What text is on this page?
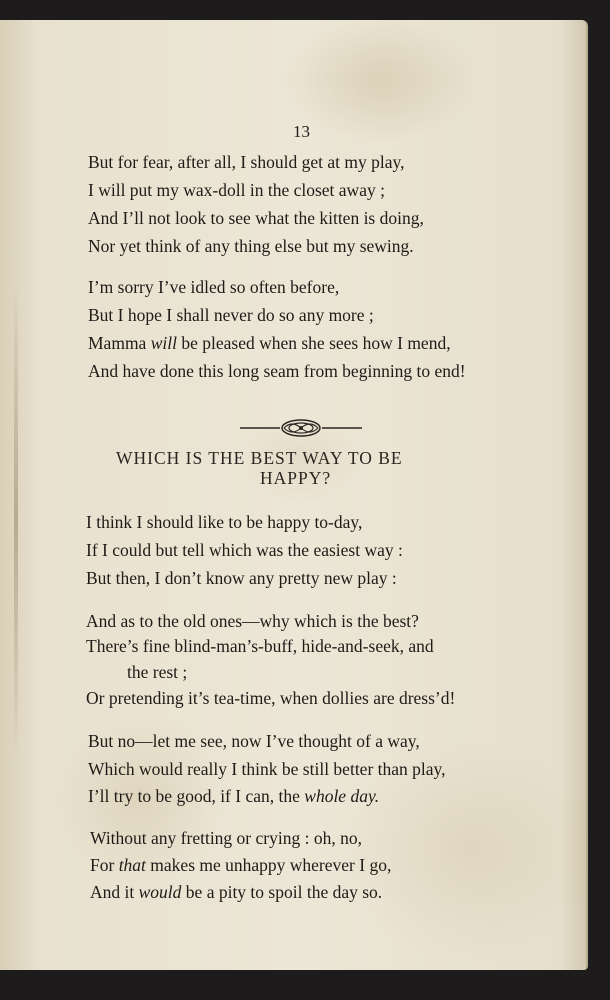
13
But for fear, after all, I should get at my play,
I will put my wax-doll in the closet away ;
And I’ll not look to see what the kitten is doing,
Nor yet think of any thing else but my sewing.
I’m sorry I’ve idled so often before,
But I hope I shall never do so any more ;
Mamma will be pleased when she sees how I mend,
And have done this long seam from beginning to end!
WHICH IS THE BEST WAY TO BE
HAPPY?
I think I should like to be happy to-day,
If I could but tell which was the easiest way :
But then, I don’t know any pretty new play :
And as to the old ones—why which is the best?
There’s fine blind-man’s-buff, hide-and-seek, and
the rest ;
Or pretending it’s tea-time, when dollies are dress’d!
But no—let me see, now I’ve thought of a way,
Which would really I think be still better than play,
I’ll try to be good, if I can, the whole day.
Without any fretting or crying : oh, no,
For that makes me unhappy wherever I go,
And it would be a pity to spoil the day so.
